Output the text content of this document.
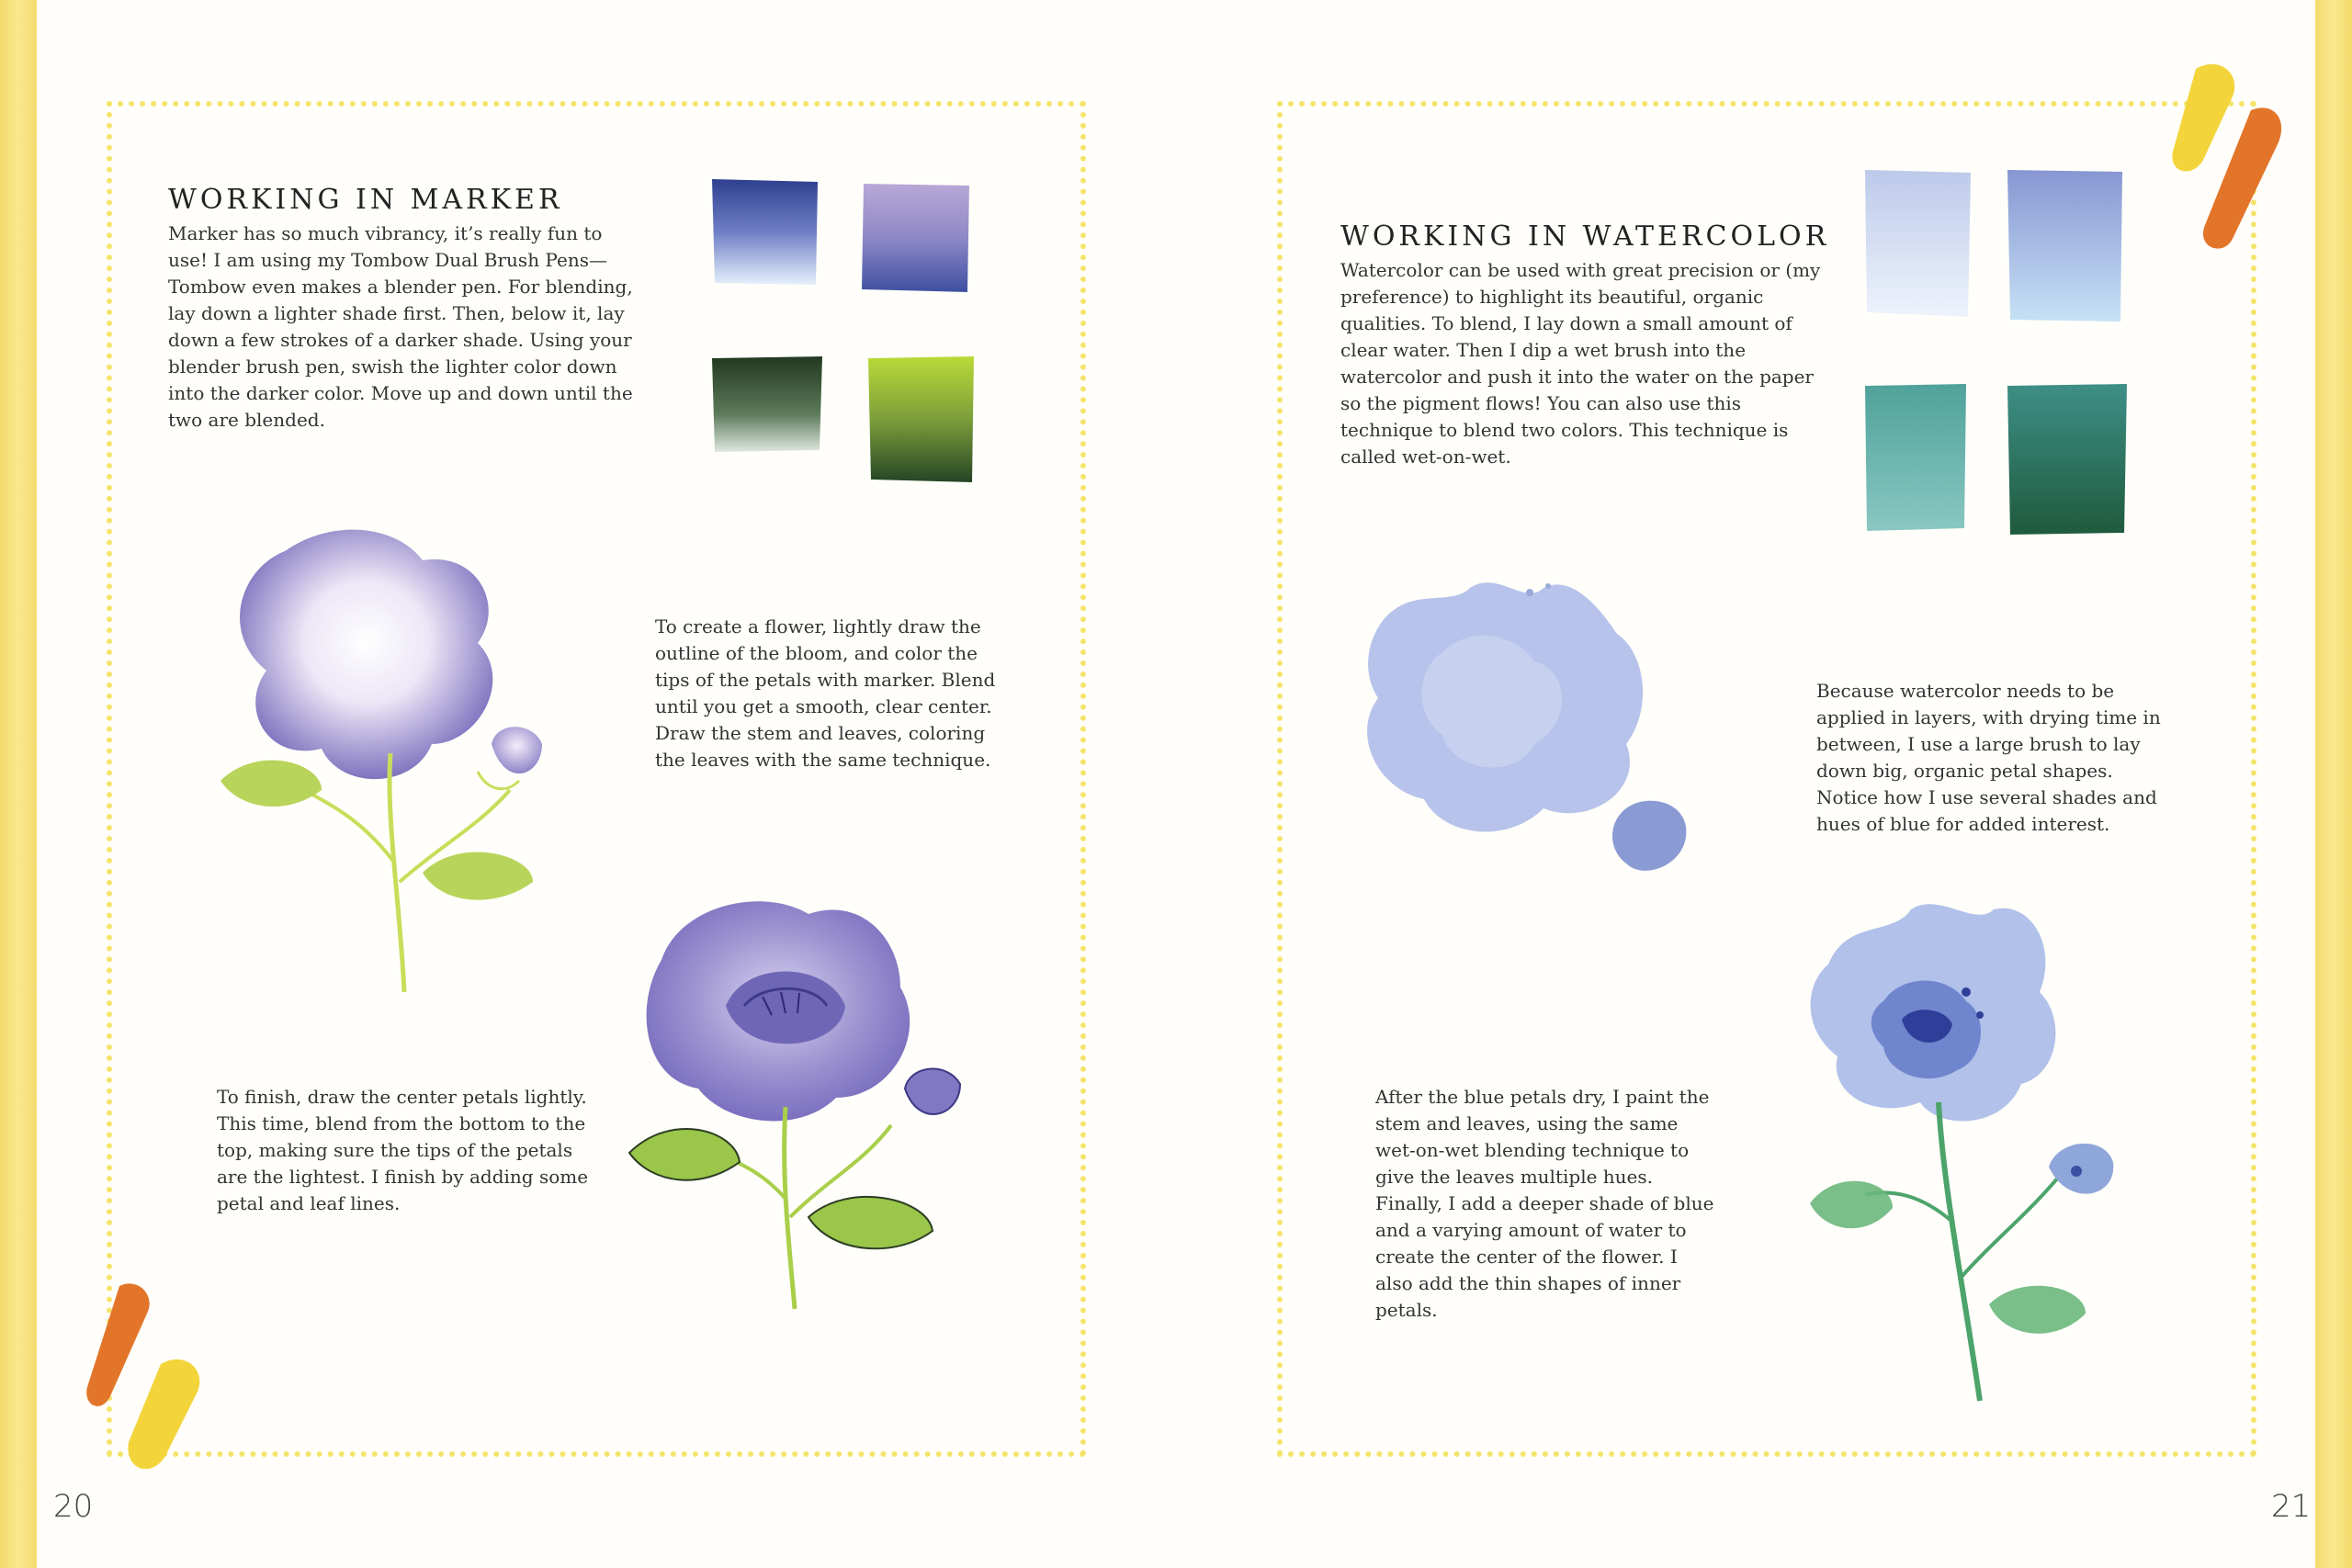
WORKING IN MARKER
Marker has so much vibrancy, it’s really fun to use! I am using my Tombow Dual Brush Pens—Tombow even makes a blender pen. For blending, lay down a lighter shade first. Then, below it, lay down a few strokes of a darker shade. Using your blender brush pen, swish the lighter color down into the darker color. Move up and down until the two are blended.
To create a flower, lightly draw the outline of the bloom, and color the tips of the petals with marker. Blend until you get a smooth, clear center. Draw the stem and leaves, coloring the leaves with the same technique.
To finish, draw the center petals lightly. This time, blend from the bottom to the top, making sure the tips of the petals are the lightest. I finish by adding some petal and leaf lines.
20
WORKING IN WATERCOLOR
Watercolor can be used with great precision or (my preference) to highlight its beautiful, organic qualities. To blend, I lay down a small amount of clear water. Then I dip a wet brush into the watercolor and push it into the water on the paper so the pigment flows! You can also use this technique to blend two colors. This technique is called wet-on-wet.
Because watercolor needs to be applied in layers, with drying time in between, I use a large brush to lay down big, organic petal shapes. Notice how I use several shades and hues of blue for added interest.
After the blue petals dry, I paint the stem and leaves, using the same wet-on-wet blending technique to give the leaves multiple hues. Finally, I add a deeper shade of blue and a varying amount of water to create the center of the flower. I also add the thin shapes of inner petals.
21
